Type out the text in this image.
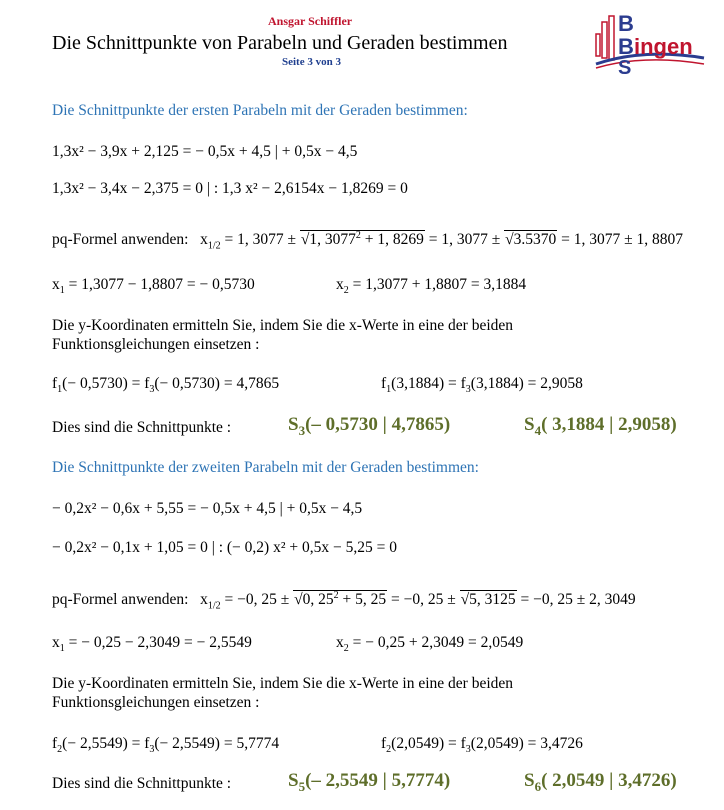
Ansgar Schiffler
Die Schnittpunkte von Parabeln und Geraden bestimmen
Seite 3 von 3
B
B
S
ingen
Die Schnittpunkte der ersten Parabeln mit der Geraden bestimmen:
1,3x² − 3,9x + 2,125 = − 0,5x + 4,5 | + 0,5x − 4,5
1,3x² − 3,4x − 2,375 = 0 | : 1,3 x² − 2,6154x − 1,8269 = 0
pq-Formel anwenden: $x_{1/2} = 1$, 3077 ± √1, $3077^2 + 1$, 8269 = 1, 3077 ± √3.5370 = 1, 3077 ± 1, 8807
$x_1 = 1,3077 - 1,8807$ = − 0,5730	$x_2 = 1,3077 + 1,8807 = 3,1884$
Die y-Koordinaten ermitteln Sie, indem Sie die x-Werte in eine der beiden
Funktionsgleichungen einsetzen :
$f_1(- 0,5730) = f_3(- 0,5730) = 4,7865$	$f_1(3,1884) = f_3(3,1884) = 2,9058$
Dies sind die Schnittpunkte :	$S_3(-$ 0,5730 | 4,7865)	$S_4$( 3,1884 | 2,9058)
Die Schnittpunkte der zweiten Parabeln mit der Geraden bestimmen:
− 0,2x² − 0,6x + 5,55 = − 0,5x + 4,5 | + 0,5x − 4,5
− 0,2x² − 0,1x + 1,05 = 0 | : (− 0,2) x² + 0,5x − 5,25 = 0
pq-Formel anwenden: $x_{1/2} = -0$, 25 ± √0, $25^2 + 5$, 25 = −0, 25 ± √5, 3125 = −0, 25 ± 2, 3049
$x_1$ = − 0,25 − 2,3049 = − 2,5549	$x_2$ = − 0,25 + 2,3049 = 2,0549
Die y-Koordinaten ermitteln Sie, indem Sie die x-Werte in eine der beiden
Funktionsgleichungen einsetzen :
$f_2(- 2,5549) = f_3(- 2,5549) = 5,7774$	$f_2(2,0549) = f_3(2,0549) = 3,4726$
Dies sind die Schnittpunkte :	$S_5(-$ 2,5549 | 5,7774)	$S_6$( 2,0549 | 3,4726)
